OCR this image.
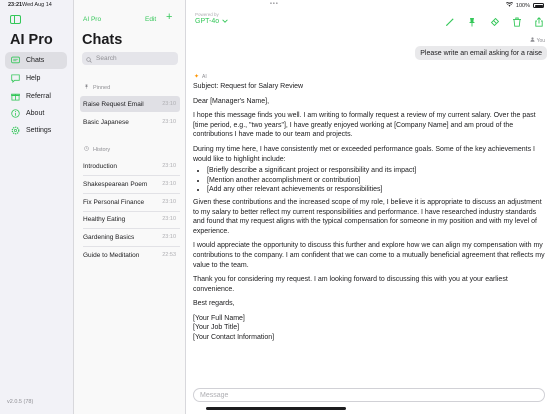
23:21 Wed Aug 14	•••	100%
AI Pro
Chats
Help
Referral
About
Settings
v2.0.5 (78)
AI Pro	Edit +
Chats
Search
Pinned
Raise Request Email	23:10
Basic Japanese	23:10
History
Introduction	23:10
Shakespearean Poem	23:10
Fix Personal Finance	23:10
Healthy Eating	23:10
Gardening Basics	23:10
Guide to Meditation	22:53
Powered by
GPT-4o
You
Please write an email asking for a raise
✦ AI

Subject: Request for Salary Review

Dear [Manager's Name],

I hope this message finds you well. I am writing to formally request a review of my current salary. Over the past [time period, e.g., "two years"], I have greatly enjoyed working at [Company Name] and am proud of the contributions I have made to our team and projects.

During my time here, I have consistently met or exceeded performance goals. Some of the key achievements I would like to highlight include:

• [Briefly describe a significant project or responsibility and its impact]
• [Mention another accomplishment or contribution]
• [Add any other relevant achievements or responsibilities]

Given these contributions and the increased scope of my role, I believe it is appropriate to discuss an adjustment to my salary to better reflect my current responsibilities and performance. I have researched industry standards and found that my request aligns with the typical compensation for someone in my position and with my level of experience.

I would appreciate the opportunity to discuss this further and explore how we can align my compensation with my contributions to the company. I am confident that we can come to a mutually beneficial agreement that reflects my value to the team.

Thank you for considering my request. I am looking forward to discussing this with you at your earliest convenience.

Best regards,

[Your Full Name]

[Your Job Title]

[Your Contact Information]

Message
